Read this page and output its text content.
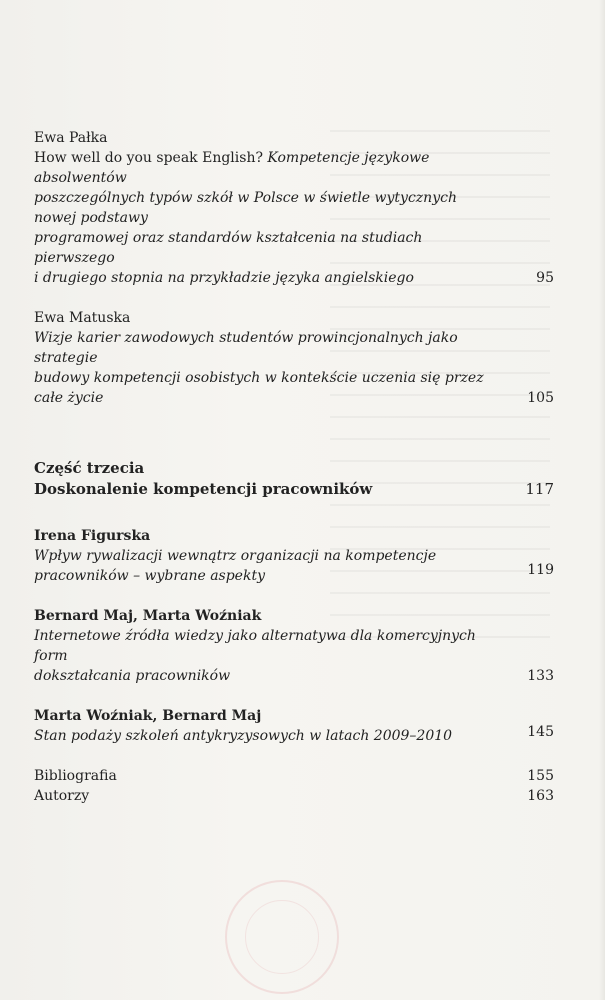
Ewa Pałka
How well do you speak English? Kompetencje językowe absolwentów
poszczególnych typów szkół w Polsce w świetle wytycznych nowej podstawy
programowej oraz standardów kształcenia na studiach pierwszego
i drugiego stopnia na przykładzie języka angielskiego	95
Ewa Matuska
Wizje karier zawodowych studentów prowincjonalnych jako strategie
budowy kompetencji osobistych w kontekście uczenia się przez całe życie	105
Część trzecia
Doskonalenie kompetencji pracowników	117
Irena Figurska
Wpływ rywalizacji wewnątrz organizacji na kompetencje
pracowników – wybrane aspekty	119
Bernard Maj, Marta Woźniak
Internetowe źródła wiedzy jako alternatywa dla komercyjnych form
dokształcania pracowników	133
Marta Woźniak, Bernard Maj
Stan podaży szkoleń antykryzysowych w latach 2009–2010	145
Bibliografia	155
Autorzy	163
